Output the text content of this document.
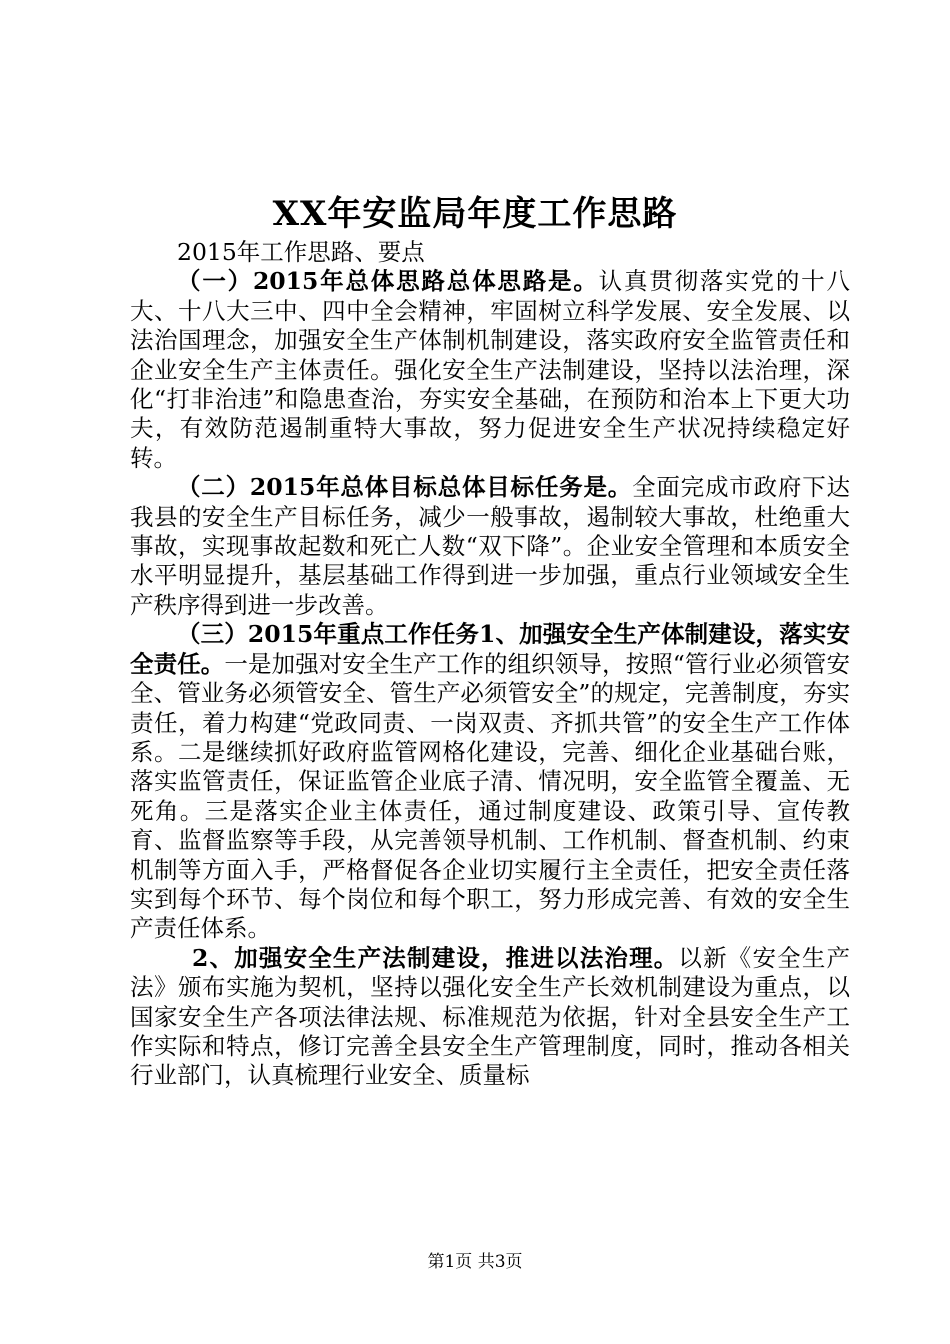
XX年安监局年度工作思路

2015年工作思路、要点

（一）2015年总体思路总体思路是。认真贯彻落实党的十八大、十八大三中、四中全会精神，牢固树立科学发展、安全发展、以法治国理念，加强安全生产体制机制建设，落实政府安全监管责任和企业安全生产主体责任。强化安全生产法制建设，坚持以法治理，深化“打非治违”和隐患查治，夯实安全基础，在预防和治本上下更大功夫，有效防范遏制重特大事故，努力促进安全生产状况持续稳定好转。

（二）2015年总体目标总体目标任务是。全面完成市政府下达我县的安全生产目标任务，减少一般事故，遏制较大事故，杜绝重大事故，实现事故起数和死亡人数“双下降”。企业安全管理和本质安全水平明显提升，基层基础工作得到进一步加强，重点行业领域安全生产秩序得到进一步改善。

（三）2015年重点工作任务1、加强安全生产体制建设，落实安全责任。一是加强对安全生产工作的组织领导，按照“管行业必须管安全、管业务必须管安全、管生产必须管安全”的规定，完善制度，夯实责任，着力构建“党政同责、一岗双责、齐抓共管”的安全生产工作体系。二是继续抓好政府监管网格化建设，完善、细化企业基础台账，落实监管责任，保证监管企业底子清、情况明，安全监管全覆盖、无死角。三是落实企业主体责任，通过制度建设、政策引导、宣传教育、监督监察等手段，从完善领导机制、工作机制、督查机制、约束机制等方面入手，严格督促各企业切实履行主全责任，把安全责任落实到每个环节、每个岗位和每个职工，努力形成完善、有效的安全生产责任体系。

2、加强安全生产法制建设，推进以法治理。以新《安全生产法》颁布实施为契机，坚持以强化安全生产长效机制建设为重点，以国家安全生产各项法律法规、标准规范为依据，针对全县安全生产工作实际和特点，修订完善全县安全生产管理制度，同时，推动各相关行业部门，认真梳理行业安全、质量标

第1页 共3页
